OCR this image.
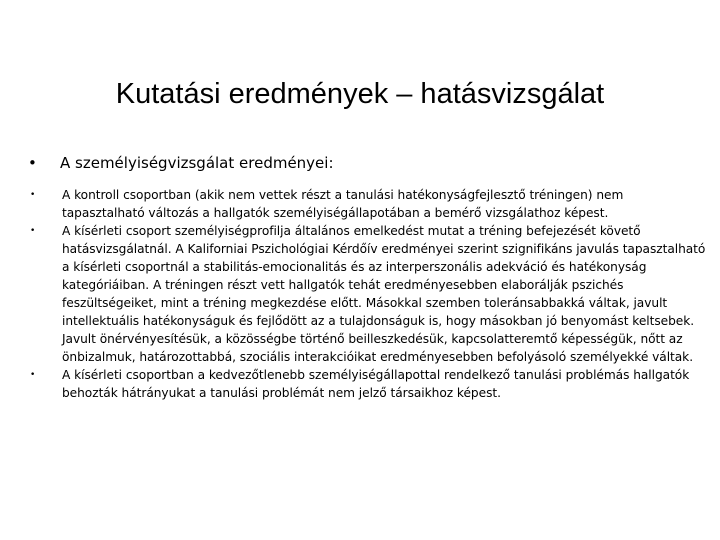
Kutatási eredmények – hatásvizsgálat
•	A személyiségvizsgálat eredményei:
•	A kontroll csoportban (akik nem vettek részt a tanulási hatékonyságfejlesztő tréningen) nem tapasztalható változás a hallgatók személyiségállapotában a bemérő vizsgálathoz képest.
•	A kísérleti csoport személyiségprofilja általános emelkedést mutat a tréning befejezését követő hatásvizsgálatnál. A Kaliforniai Pszichológiai Kérdőív eredményei szerint szignifikáns javulás tapasztalható a kísérleti csoportnál a stabilitás-emocionalitás és az interperszonális adekváció és hatékonyság kategóriáiban. A tréningen részt vett hallgatók tehát eredményesebben elaborálják pszichés feszültségeiket, mint a tréning megkezdése előtt. Másokkal szemben toleránsabbakká váltak, javult intellektuális hatékonyságuk és fejlődött az a tulajdonságuk is, hogy másokban jó benyomást keltsebek. Javult önérvényesítésük, a közösségbe történő beilleszkedésük, kapcsolatteremtő képességük, nőtt az önbizalmuk, határozottabbá, szociális interakcióikat eredményesebben befolyásoló személyekké váltak.
•	A kísérleti csoportban a kedvezőtlenebb személyiségállapottal rendelkező tanulási problémás hallgatók behozták hátrányukat a tanulási problémát nem jelző társaikhoz képest.
